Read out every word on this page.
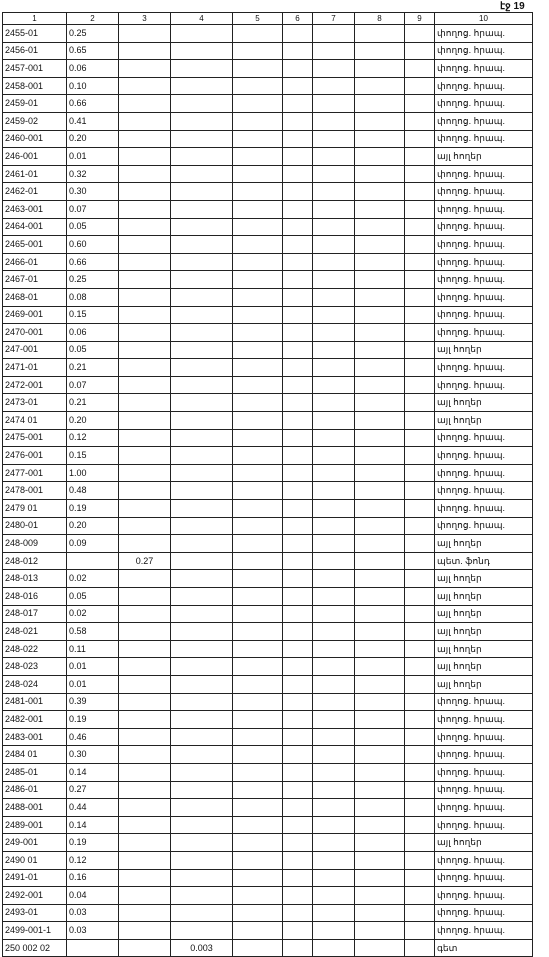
էջ 19
1	2	3	4	5	6	7	8	9	10
2455-01	0.25								փողոց. հրապ.
2456-01	0.65								փողոց. հրապ.
2457-001	0.06								փողոց. հրապ.
2458-001	0.10								փողոց. հրապ.
2459-01	0.66								փողոց. հրապ.
2459-02	0.41								փողոց. հրապ.
2460-001	0.20								փողոց. հրապ.
246-001	0.01								այլ հողեր
2461-01	0.32								փողոց. հրապ.
2462-01	0.30								փողոց. հրապ.
2463-001	0.07								փողոց. հրապ.
2464-001	0.05								փողոց. հրապ.
2465-001	0.60								փողոց. հրապ.
2466-01	0.66								փողոց. հրապ.
2467-01	0.25								փողոց. հրապ.
2468-01	0.08								փողոց. հրապ.
2469-001	0.15								փողոց. հրապ.
2470-001	0.06								փողոց. հրապ.
247-001	0.05								այլ հողեր
2471-01	0.21								փողոց. հրապ.
2472-001	0.07								փողոց. հրապ.
2473-01	0.21								այլ հողեր
2474 01	0.20								այլ հողեր
2475-001	0.12								փողոց. հրապ.
2476-001	0.15								փողոց. հրապ.
2477-001	1.00								փողոց. հրապ.
2478-001	0.48								փողոց. հրապ.
2479 01	0.19								փողոց. հրապ.
2480-01	0.20								փողոց. հրապ.
248-009	0.09								այլ հողեր
248-012		0.27							պետ. ֆոնդ
248-013	0.02								այլ հողեր
248-016	0.05								այլ հողեր
248-017	0.02								այլ հողեր
248-021	0.58								այլ հողեր
248-022	0.11								այլ հողեր
248-023	0.01								այլ հողեր
248-024	0.01								այլ հողեր
2481-001	0.39								փողոց. հրապ.
2482-001	0.19								փողոց. հրապ.
2483-001	0.46								փողոց. հրապ.
2484 01	0.30								փողոց. հրապ.
2485-01	0.14								փողոց. հրապ.
2486-01	0.27								փողոց. հրապ.
2488-001	0.44								փողոց. հրապ.
2489-001	0.14								փողոց. հրապ.
249-001	0.19								այլ հողեր
2490 01	0.12								փողոց. հրապ.
2491-01	0.16								փողոց. հրապ.
2492-001	0.04								փողոց. հրապ.
2493-01	0.03								փողոց. հրապ.
2499-001-1	0.03								փողոց. հրապ.
250 002 02			0.003						գետ
